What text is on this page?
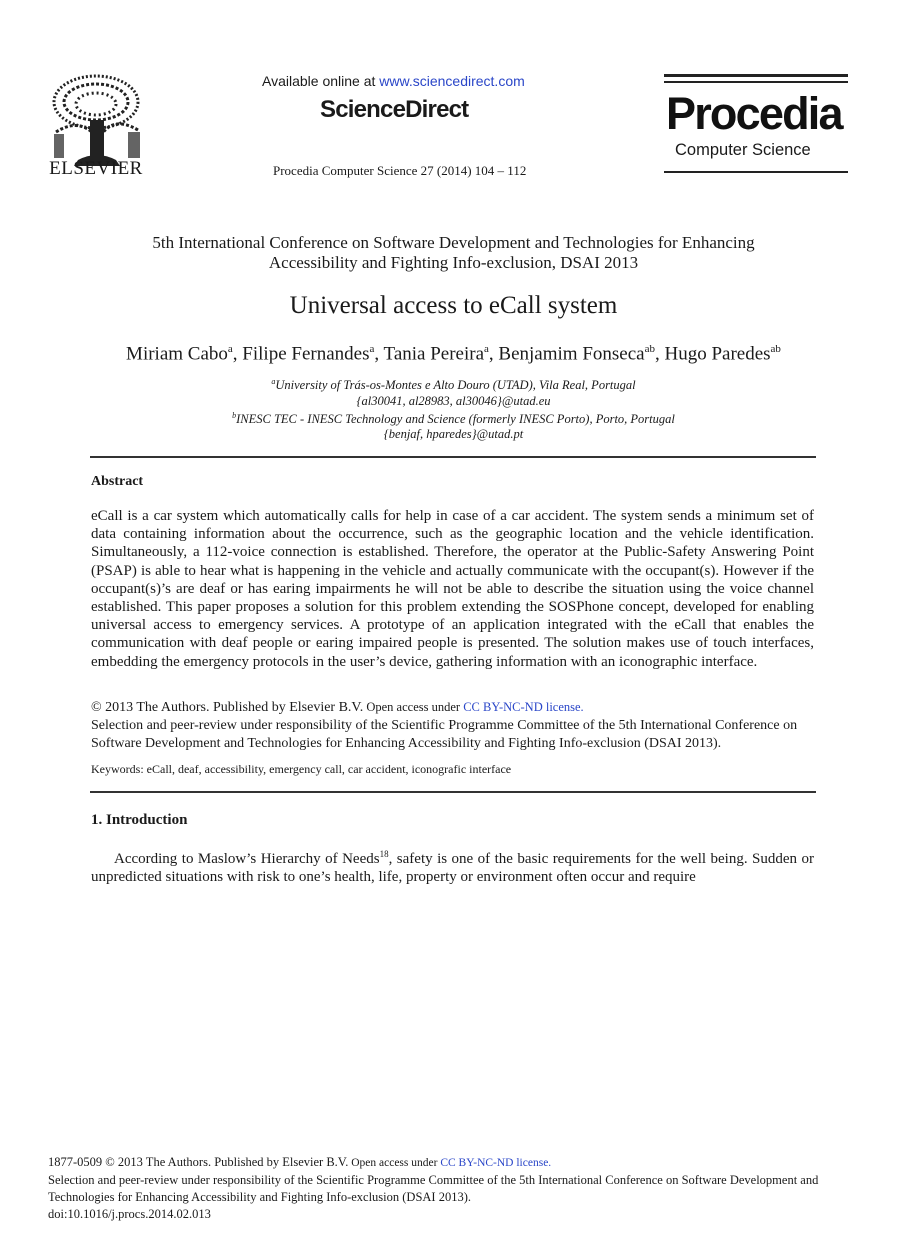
ELSEVIER
Available online at www.sciencedirect.com
ScienceDirect
Procedia Computer Science 27 (2014) 104 – 112
Procedia
Computer Science
5th International Conference on Software Development and Technologies for Enhancing
Accessibility and Fighting Info-exclusion, DSAI 2013
Universal access to eCall system
Miriam Cabo$^a$, Filipe Fernandes$^a$, Tania Pereira$^a$, Benjamim Fonseca$^{ab}$, Hugo Paredes$^{ab}$
$^a$University of Trás-os-Montes e Alto Douro (UTAD), Vila Real, Portugal
{al30041, al28983, al30046}@utad.eu
$^b$INESC TEC - INESC Technology and Science (formerly INESC Porto), Porto, Portugal
{benjaf, hparedes}@utad.pt
Abstract
eCall is a car system which automatically calls for help in case of a car accident. The system sends a minimum set of data containing information about the occurrence, such as the geographic location and the vehicle identification. Simultaneously, a 112-voice connection is established. Therefore, the operator at the Public-Safety Answering Point (PSAP) is able to hear what is happening in the vehicle and actually communicate with the occupant(s). However if the occupant(s)’s are deaf or has earing impairments he will not be able to describe the situation using the voice channel established. This paper proposes a solution for this problem extending the SOSPhone concept, developed for enabling universal access to emergency services. A prototype of an application integrated with the eCall that enables the communication with deaf people or earing impaired people is presented. The solution makes use of touch interfaces, embedding the emergency protocols in the user’s device, gathering information with an iconographic interface.
© 2013 The Authors. Published by Elsevier B.V. Open access under CC BY-NC-ND license.
Selection and peer-review under responsibility of the Scientific Programme Committee of the 5th International Conference on Software Development and Technologies for Enhancing Accessibility and Fighting Info-exclusion (DSAI 2013).
Keywords: eCall, deaf, accessibility, emergency call, car accident, iconografic interface
1. Introduction
According to Maslow’s Hierarchy of Needs$^{18}$, safety is one of the basic requirements for the well being. Sudden or unpredicted situations with risk to one’s health, life, property or environment often occur and require
1877-0509 © 2013 The Authors. Published by Elsevier B.V. Open access under CC BY-NC-ND license.
Selection and peer-review under responsibility of the Scientific Programme Committee of the 5th International Conference on Software Development and Technologies for Enhancing Accessibility and Fighting Info-exclusion (DSAI 2013).
doi:10.1016/j.procs.2014.02.013
